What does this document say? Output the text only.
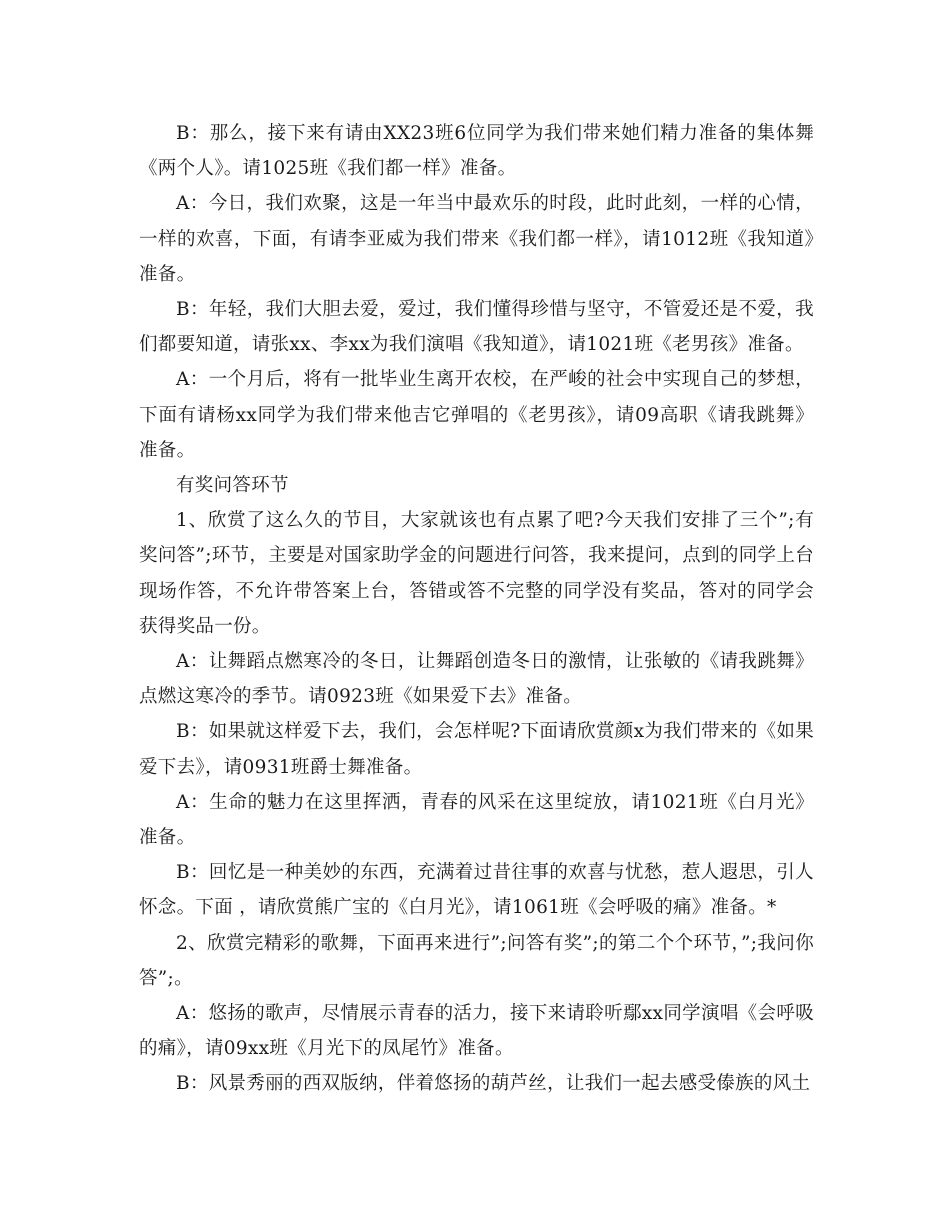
B：那么，接下来有请由XX23班6位同学为我们带来她们精力准备的集体舞《两个人》。请1025班《我们都一样》准备。

A：今日，我们欢聚，这是一年当中最欢乐的时段，此时此刻，一样的心情，一样的欢喜，下面，有请李亚威为我们带来《我们都一样》，请1012班《我知道》准备。

B：年轻，我们大胆去爱，爱过，我们懂得珍惜与坚守，不管爱还是不爱，我们都要知道，请张xx、李xx为我们演唱《我知道》，请1021班《老男孩》准备。

A：一个月后，将有一批毕业生离开农校，在严峻的社会中实现自己的梦想，下面有请杨xx同学为我们带来他吉它弹唱的《老男孩》，请09高职《请我跳舞》准备。

有奖问答环节

1、欣赏了这么久的节目，大家就该也有点累了吧?今天我们安排了三个”;有奖问答”;环节，主要是对国家助学金的问题进行问答，我来提问，点到的同学上台现场作答，不允许带答案上台，答错或答不完整的同学没有奖品，答对的同学会获得奖品一份。

A：让舞蹈点燃寒冷的冬日，让舞蹈创造冬日的激情，让张敏的《请我跳舞》点燃这寒冷的季节。请0923班《如果爱下去》准备。

B：如果就这样爱下去，我们，会怎样呢?下面请欣赏颜x为我们带来的《如果爱下去》，请0931班爵士舞准备。

A：生命的魅力在这里挥洒，青春的风采在这里绽放，请1021班《白月光》准备。

B：回忆是一种美妙的东西，充满着过昔往事的欢喜与忧愁，惹人遐思，引人怀念。下面 ，请欣赏熊广宝的《白月光》，请1061班《会呼吸的痛》准备。*

2、欣赏完精彩的歌舞，下面再来进行”;问答有奖”;的第二个个环节，”;我问你答”;。

A：悠扬的歌声，尽情展示青春的活力，接下来请聆听鄢xx同学演唱《会呼吸的痛》，请09xx班《月光下的凤尾竹》准备。

B：风景秀丽的西双版纳，伴着悠扬的葫芦丝，让我们一起去感受傣族的风土
